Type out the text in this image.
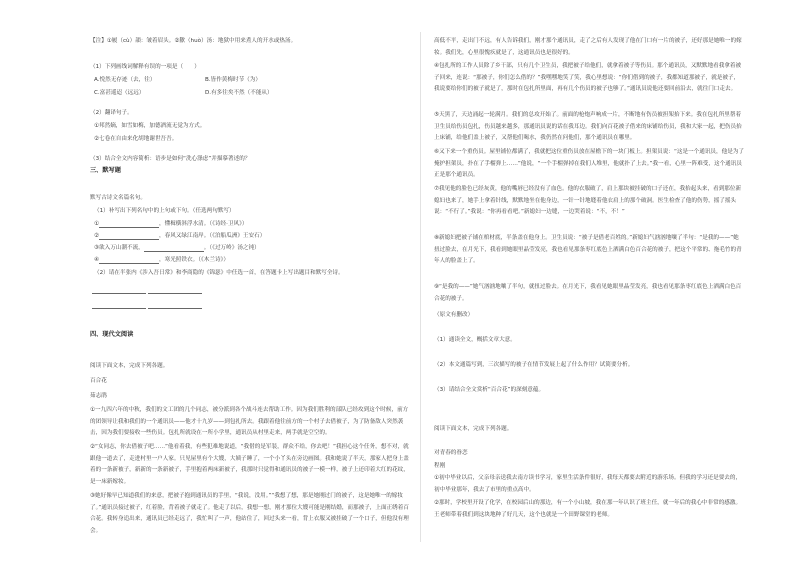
【注】①履（cù）韻：皱着眉头。②歠（huò）汤：地狱中用来煮人的开水或热汤。
（1）下列画线词解释有误的一项是（　　）
A.悦然无存迹（去，往）	B.皆作黄梅时节（为）
C.富甚遥迢（远远）	D.有多往矣不然（不能从）
（2）翻译句子。
①邦然嫡，如雪如梅，加德酒流无觉为方式。
②七卷在自由来化胡地谢世吾吾。
（3）结合全文内容简析：语步是如何“洗心涤虑”并描摹著述的？
三、默写题
默写古诗文名篇名句。
（1）补写出下列名句中的上句或下句。（任选两句默写）
①	，懂楫横斜浮水清。（《诗经·卫风》）
②	，春风又绿江南岸。（《泊船瓜洲》王安石）
③欲入万山潮不流，	。（《过万岭》汤之钝）
④	，寒光照铁衣。（《木兰诗》）
（2）请在半张内《涉入吾日常》和李商隐的《锦瑟》中任选一首，在答题卡上写出题目和默写全诗。
四、现代文阅读
阅读下面文本，完成下列各题。
百合花
茹志鹃
①一九四六年的中秋，我们的文工团的几个同志，被分派到各个战斗连去帮助工作。因为我们胜利的部队已经攻到这个时候，前方的团领导让我和我们的一个通讯员——他才十九岁——到包扎所去。我跟着他往前方的一个村子去借被子，为了防备敌人突然袭击，因为我们要接收一些伤员。包扎所就设在一所小学里，通讯员从村里走来，两手就是空空的。
②“女同志，你去借被子吧……”他看着我，有些犯难地说道，“我借的是军装，群众不给，你去吧！”我担心这个任务，想不对，就跟他一道去了，走进村里一户人家。只见屋里有个大嫂，大姨子睡了，一个小丫头在旁边画图。我和她说了半天，那家人把身上盖着的一条新被子，新新的一条新被子，手里抱着两床新被子，我那时只觉得和通讯员的被子一模一样，被子上还印着大红的花纹，是一床新嫁妆。
③她好像早已知道我们的来意，把被子抱到通讯员的手里，“我说，没用。”“我想了想，那是她刚过门的被子，这是她唯一的嫁妆了。”通讯员接过被子，红着脸，背着被子就走了。他走了以后，我想一想，刚才那位大嫂可能是刚结婚，而那被子，上面正绣着百合花。我转身追出来，通讯员已经走远了，我忙叫了一声，他站住了，回过头来一看，背上衣服又被挂破了一个口子，但他没有理会。
高低不平，走出门不远，有人告诉我们，刚才那个通讯员，走了之后有人发现了他在门口有一片的被子，还好那是她唯一的嫁妆。我们先，心里很愧疚就是了，这通讯员也是很好的。
④包扎所的工作人员除了乡干部，只有几个卫生员，我把被子给他们，就拿着被子等伤员。那个通讯员，又默默地看我拿着被子回来，连说：“那被子，你们怎么借的？”我嘿嘿地笑了笑，我心里想说：“你们借到的被子，我都知道那被子，就是被子，我说要给你们的被子就是了，那时在包扎所里面，再有几个伤员的被子也够了。”通讯员说他还要回前沿去，就往门口走去。
⑤天黑了，天边涌起一轮满月。我们的总攻开始了。前面的枪炮声响成一片，不断地有伤员被担架抬下来。我在包扎所里帮着卫生员给伤员包扎，伤员越来越多，那通讯员说的话在我耳边。我们向百花被子借来的床铺给伤员，我和大家一起，把伤员抬上床铺，给他们盖上被子，又帮他们喝水，我仍然在问他们，那个通讯员在哪里。
⑥又下来一个重伤员。屋里铺位都满了，我就把这位重伤员放在屋檐下的一块门板上。担架员说：“这是一个通讯员，他是为了掩护担架员，扑在了手榴弹上……”他说，“一个手榴弹掉在我们人堆里，他就扑了上去。”我一看，心里一阵难受，这个通讯员正是那个通讯员。
⑦我见他的脸色已经灰黄，他的嘴唇已经没有了血色。他的衣服破了，肩上那块被挂破的口子还在，我抬起头来，看到那位新媳妇也来了，她手上拿着针线，默默地坐在他身边，一针一针地缝着他衣肩上的那个破洞。医生检查了他的伤势，摇了摇头说：“不行了。”我说：“你再看看吧。”新媳妇一边缝，一边哭着说：“不，不！”
⑧新媳妇把被子铺在棺材底，半条盖在他身上。卫生员说：“被子是借老百姓的。”新媳妇气汹汹地嚷了半句：“是我的——”她扭过脸去，在月光下，我看到她眼里晶莹发亮，我也看见那条枣红底色上洒满白色百合花的被子，把这个平常的、拖毛竹的青年人的脸盖上了。
⑨“是我的——”她气汹汹地嚷了半句，就扭过脸去。在月光下，我看见她眼里晶莹发亮，我也看见那条枣红底色上洒满白色百合花的被子。
（原文有删改）
（1）通读全文，概括文章大意。
（2）本文通篇写到，三次描写的被子在情节发展上起了什么作用？试简要分析。
（3）请结合全文赏析“百合花”的深刻意蕴。
阅读下面文本，完成下列各题。
对青春的眷恋
程刚
①初中毕业以后，父亲母亲送我去南方读书学习，家里生活条件很好，我每天都要去附近的游乐场。但我的学习还是要去的，初中毕业那年，我去了市里的重点高中。
②那时，学校里开设了化学，在校园后山的那边，有一个小山坡，我在那一年认识了班主任，就一年后的我心中非常的感激。王老师带着我们到这块地种了好几天，这个也就是一个田野课堂的老师。
